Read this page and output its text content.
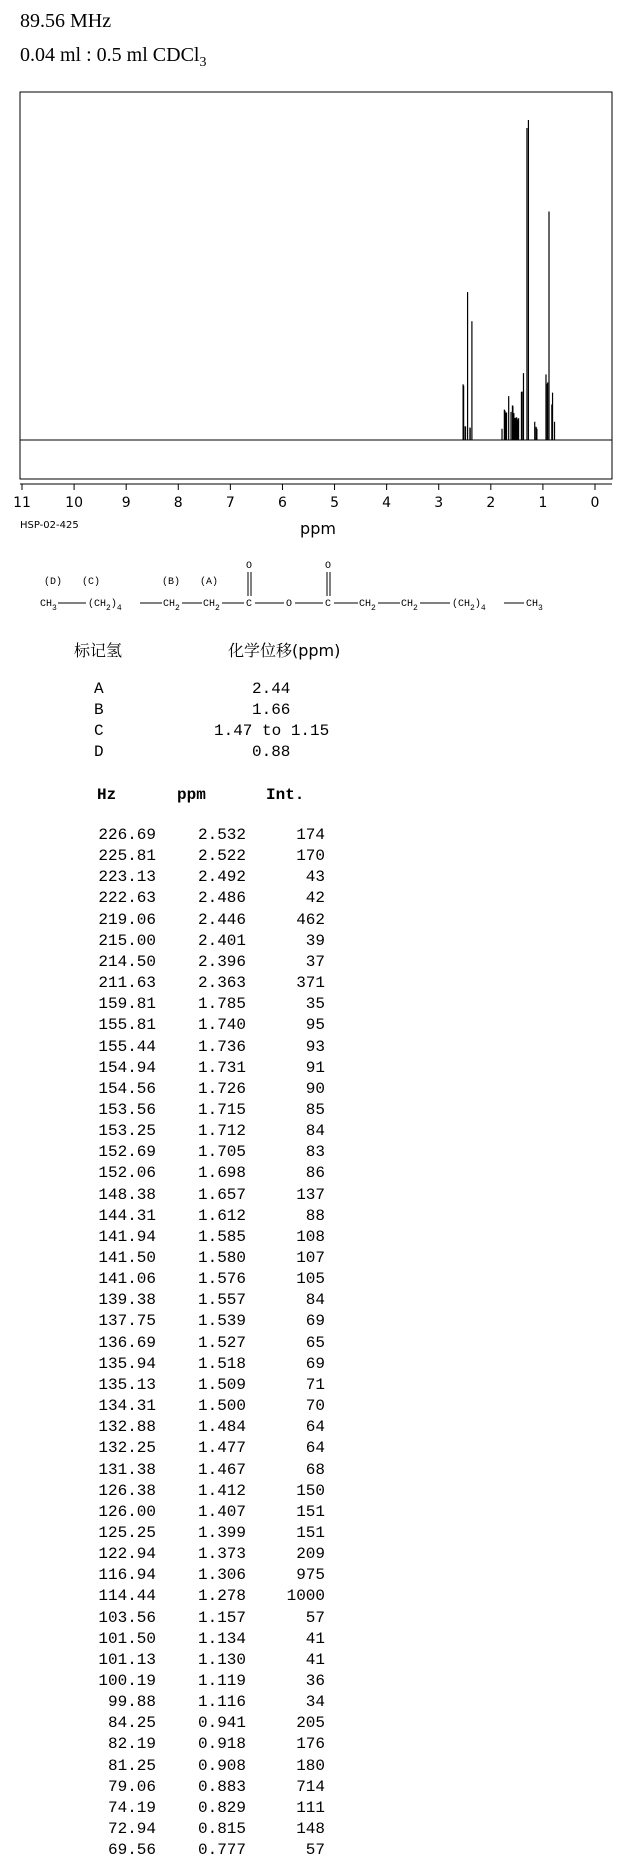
89.56 MHz
0.04 ml : 0.5 ml CDCl$_3$
11 10	9	8	7	6	5	4	3	2	1	0
ppm
HSP-02-425
(D) (C)	(B) (A)
O	O
$CH_3$	$(CH_2)_4$	$CH_2$ $CH_2$	C	O	C	$CH_2$	$CH_2$	$(CH_2)_4$	$CH_3$
标记氢	化学位移(ppm)
A	2.44
B	1.66
C	1.47 to 1.15
D	0.88
Hz	ppm	Int.
226.69	2.532	174
225.81	2.522	170
223.13	2.492	43
222.63	2.486	42
219.06	2.446	462
215.00	2.401	39
214.50	2.396	37
211.63	2.363	371
159.81	1.785	35
155.81	1.740	95
155.44	1.736	93
154.94	1.731	91
154.56	1.726	90
153.56	1.715	85
153.25	1.712	84
152.69	1.705	83
152.06	1.698	86
148.38	1.657	137
144.31	1.612	88
141.94	1.585	108
141.50	1.580	107
141.06	1.576	105
139.38	1.557	84
137.75	1.539	69
136.69	1.527	65
135.94	1.518	69
135.13	1.509	71
134.31	1.500	70
132.88	1.484	64
132.25	1.477	64
131.38	1.467	68
126.38	1.412	150
126.00	1.407	151
125.25	1.399	151
122.94	1.373	209
116.94	1.306	975
114.44	1.278	1000
103.56	1.157	57
101.50	1.134	41
101.13	1.130	41
100.19	1.119	36
99.88	1.116	34
84.25	0.941	205
82.19	0.918	176
81.25	0.908	180
79.06	0.883	714
74.19	0.829	111
72.94	0.815	148
69.56	0.777	57
